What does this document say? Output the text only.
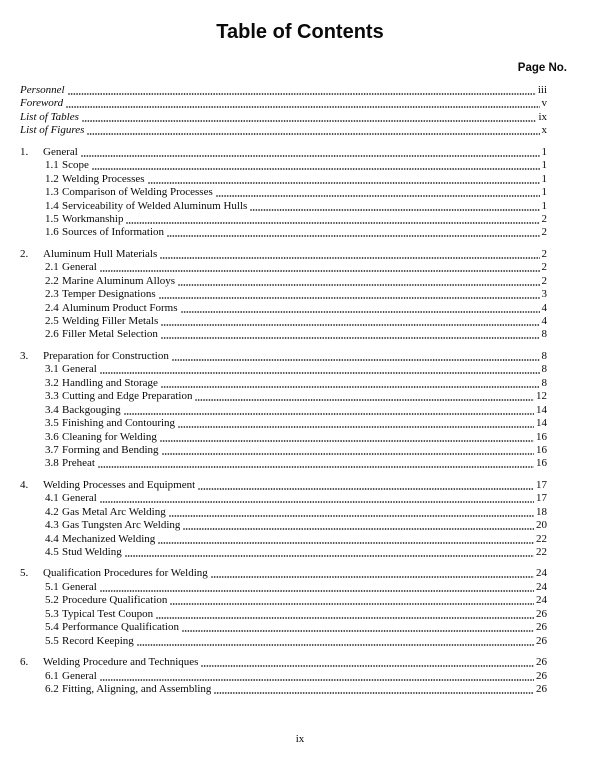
Table of Contents
Page No.
Personnel	iii
Foreword	v
List of Tables	ix
List of Figures	x
1.	General	1
1.1 Scope	1
1.2 Welding Processes	1
1.3 Comparison of Welding Processes	1
1.4 Serviceability of Welded Aluminum Hulls	1
1.5 Workmanship	2
1.6 Sources of Information	2
2.	Aluminum Hull Materials	2
2.1 General	2
2.2 Marine Aluminum Alloys	2
2.3 Temper Designations	3
2.4 Aluminum Product Forms	4
2.5 Welding Filler Metals	4
2.6 Filler Metal Selection	8
3.	Preparation for Construction	8
3.1 General	8
3.2 Handling and Storage	8
3.3 Cutting and Edge Preparation	12
3.4 Backgouging	14
3.5 Finishing and Contouring	14
3.6 Cleaning for Welding	16
3.7 Forming and Bending	16
3.8 Preheat	16
4.	Welding Processes and Equipment	17
4.1 General	17
4.2 Gas Metal Arc Welding	18
4.3 Gas Tungsten Arc Welding	20
4.4 Mechanized Welding	22
4.5 Stud Welding	22
5.	Qualification Procedures for Welding	24
5.1 General	24
5.2 Procedure Qualification	24
5.3 Typical Test Coupon	26
5.4 Performance Qualification	26
5.5 Record Keeping	26
6.	Welding Procedure and Techniques	26
6.1 General	26
6.2 Fitting, Aligning, and Assembling	26
ix
